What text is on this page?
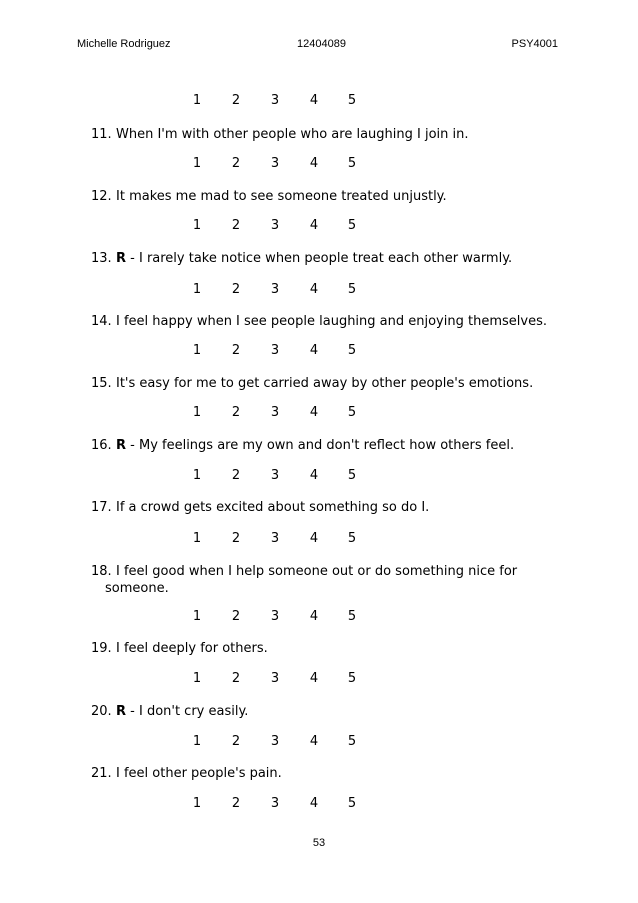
Michelle Rodriguez	12404089	PSY4001
1	2	3	4	5
11. When I'm with other people who are laughing I join in.
1	2	3	4	5
12. It makes me mad to see someone treated unjustly.
1	2	3	4	5
13. R - I rarely take notice when people treat each other warmly.
1	2	3	4	5
14. I feel happy when I see people laughing and enjoying themselves.
1	2	3	4	5
15. It's easy for me to get carried away by other people's emotions.
1	2	3	4	5
16. R - My feelings are my own and don't reflect how others feel.
1	2	3	4	5
17. If a crowd gets excited about something so do I.
1	2	3	4	5
18. I feel good when I help someone out or do something nice for
someone.
1	2	3	4	5
19. I feel deeply for others.
1	2	3	4	5
20. R - I don't cry easily.
1	2	3	4	5
21. I feel other people's pain.
1	2	3	4	5
53
